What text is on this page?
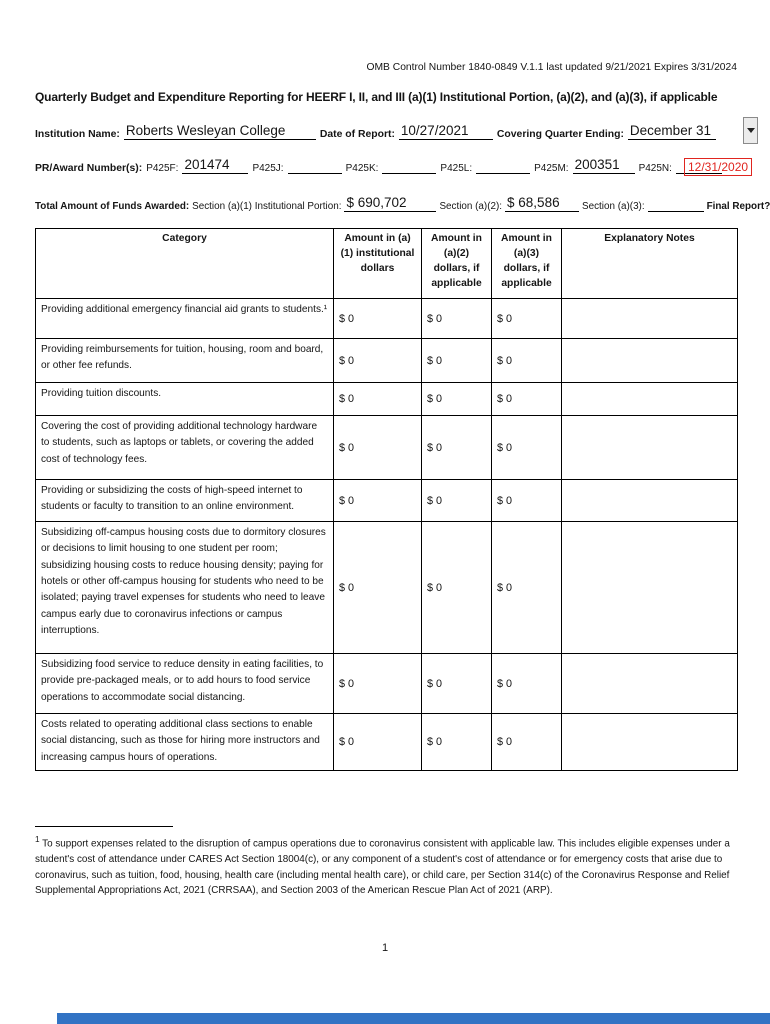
OMB Control Number 1840-0849 V.1.1 last updated 9/21/2021 Expires 3/31/2024
Quarterly Budget and Expenditure Reporting for HEERF I, II, and III (a)(1) Institutional Portion, (a)(2), and (a)(3), if applicable
Institution Name: Roberts Wesleyan College	Date of Report: 10/27/2021	Covering Quarter Ending: December 31
PR/Award Number(s): P425F: 201474	P425J:	P425K:	P425L:	P425M: 200351	P425N:	12/31/2020
Total Amount of Funds Awarded: Section (a)(1) Institutional Portion: $ 690,702	Section (a)(2): $ 68,586	Section (a)(3):	Final Report?
Category	Amount in (a)(1) institutional dollars	Amount in (a)(2) dollars, if applicable	Amount in (a)(3) dollars, if applicable	Explanatory Notes
Providing additional emergency financial aid grants to students.¹	$ 0	$ 0	$ 0	
Providing reimbursements for tuition, housing, room and board, or other fee refunds.	$ 0	$ 0	$ 0	
Providing tuition discounts.	$ 0	$ 0	$ 0	
Covering the cost of providing additional technology hardware to students, such as laptops or tablets, or covering the added cost of technology fees.	$ 0	$ 0	$ 0	
Providing or subsidizing the costs of high-speed internet to students or faculty to transition to an online environment.	$ 0	$ 0	$ 0	
Subsidizing off-campus housing costs due to dormitory closures or decisions to limit housing to one student per room; subsidizing housing costs to reduce housing density; paying for hotels or other off-campus housing for students who need to be isolated; paying travel expenses for students who need to leave campus early due to coronavirus infections or campus interruptions.	$ 0	$ 0	$ 0	
Subsidizing food service to reduce density in eating facilities, to provide pre-packaged meals, or to add hours to food service operations to accommodate social distancing.	$ 0	$ 0	$ 0	
Costs related to operating additional class sections to enable social distancing, such as those for hiring more instructors and increasing campus hours of operations.	$ 0	$ 0	$ 0	
$^1$ To support expenses related to the disruption of campus operations due to coronavirus consistent with applicable law. This includes eligible expenses under a student's cost of attendance under CARES Act Section 18004(c), or any component of a student's cost of attendance or for emergency costs that arise due to coronavirus, such as tuition, food, housing, health care (including mental health care), or child care, per Section 314(c) of the Coronavirus Response and Relief Supplemental Appropriations Act, 2021 (CRRSAA), and Section 2003 of the American Rescue Plan Act of 2021 (ARP).
1
